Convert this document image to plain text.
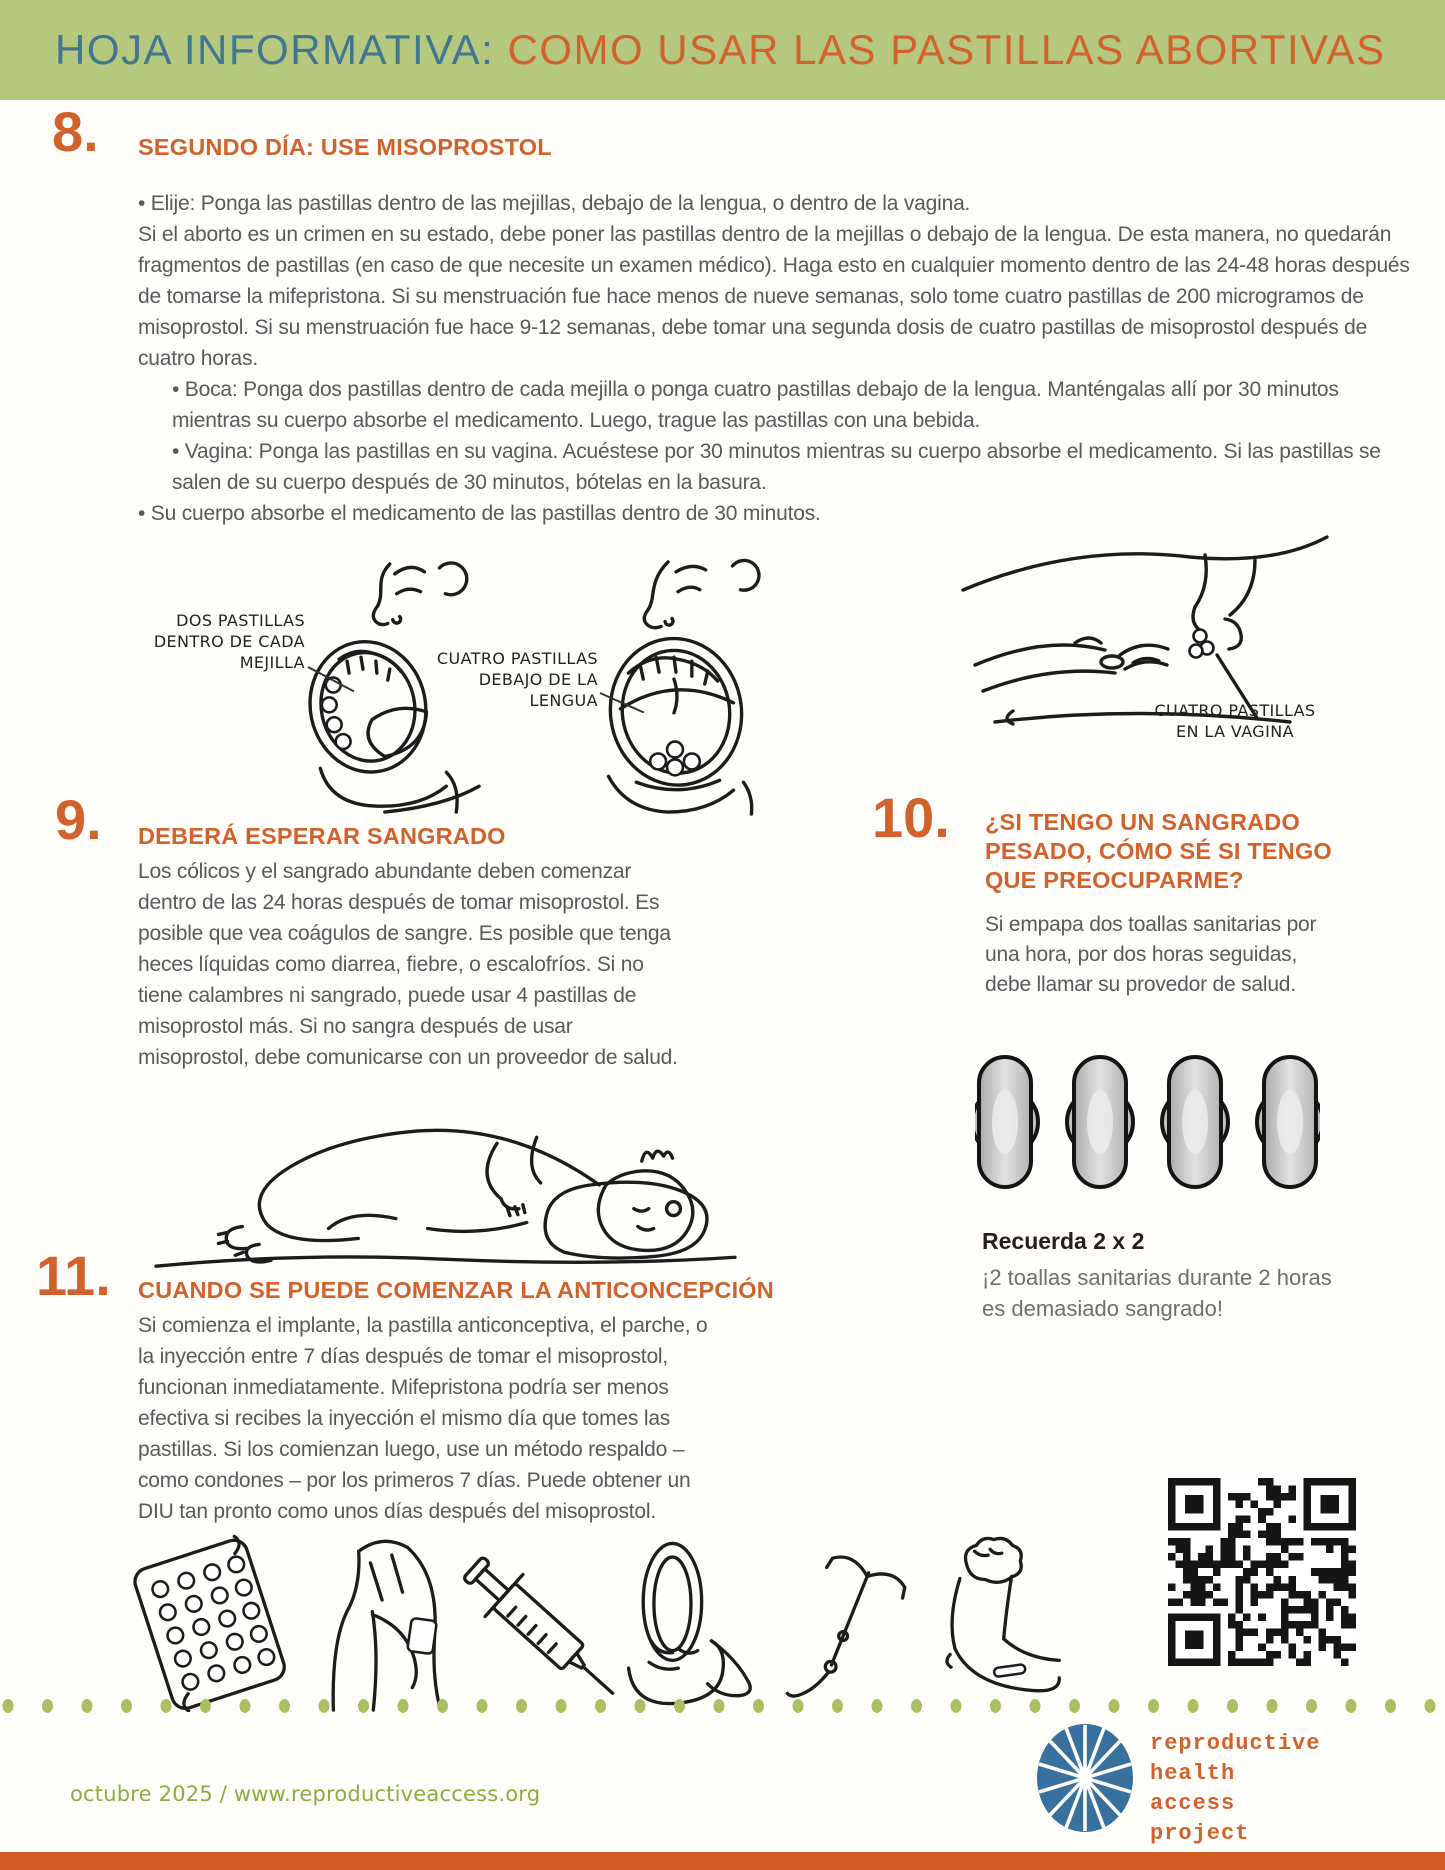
HOJA INFORMATIVA: COMO USAR LAS PASTILLAS ABORTIVAS
8. SEGUNDO DÍA: USE MISOPROSTOL

• Elije: Ponga las pastillas dentro de las mejillas, debajo de la lengua, o dentro de la vagina.

Si el aborto es un crimen en su estado, debe poner las pastillas dentro de la mejillas o debajo de la lengua. De esta manera, no quedarán fragmentos de pastillas (en caso de que necesite un examen médico). Haga esto en cualquier momento dentro de las 24-48 horas después de tomarse la mifepristona. Si su menstruación fue hace menos de nueve semanas, solo tome cuatro pastillas de 200 microgramos de misoprostol. Si su menstruación fue hace 9-12 semanas, debe tomar una segunda dosis de cuatro pastillas de misoprostol después de cuatro horas.

• Boca: Ponga dos pastillas dentro de cada mejilla o ponga cuatro pastillas debajo de la lengua. Manténgalas allí por 30 minutos mientras su cuerpo absorbe el medicamento. Luego, trague las pastillas con una bebida.

• Vagina: Ponga las pastillas en su vagina. Acuéstese por 30 minutos mientras su cuerpo absorbe el medicamento. Si las pastillas se salen de su cuerpo después de 30 minutos, bótelas en la basura.

• Su cuerpo absorbe el medicamento de las pastillas dentro de 30 minutos.

DOS PASTILLAS
DENTRO DE CADA
MEJILLA	CUATRO PASTILLAS
DEBAJO DE LA LENGUA
CUATRO PASTILLAS
EN LA VAGINA
9. DEBERÁ ESPERAR SANGRADO
Los cólicos y el sangrado abundante deben comenzar dentro de las 24 horas después de tomar misoprostol. Es posible que vea coágulos de sangre. Es posible que tenga heces líquidas como diarrea, fiebre, o escalofríos. Si no tiene calambres ni sangrado, puede usar 4 pastillas de misoprostol más. Si no sangra después de usar misoprostol, debe comunicarse con un proveedor de salud.
10. ¿SI TENGO UN SANGRADO
PESADO, CÓMO SÉ SI TENGO
QUE PREOCUPARME?
Si empapa dos toallas sanitarias por una hora, por dos horas seguidas, debe llamar su provedor de salud.
Recuerda 2 x 2
¡2 toallas sanitarias durante 2 horas es demasiado sangrado!
11. CUANDO SE PUEDE COMENZAR LA ANTICONCEPCIÓN
Si comienza el implante, la pastilla anticonceptiva, el parche, o la inyección entre 7 días después de tomar el misoprostol, funcionan inmediatamente. Mifepristona podría ser menos efectiva si recibes la inyección el mismo día que tomes las pastillas. Si los comienzan luego, use un método respaldo – como condones – por los primeros 7 días. Puede obtener un DIU tan pronto como unos días después del misoprostol.
octubre 2025 / www.reproductiveaccess.org
reproductive
health
access
project
